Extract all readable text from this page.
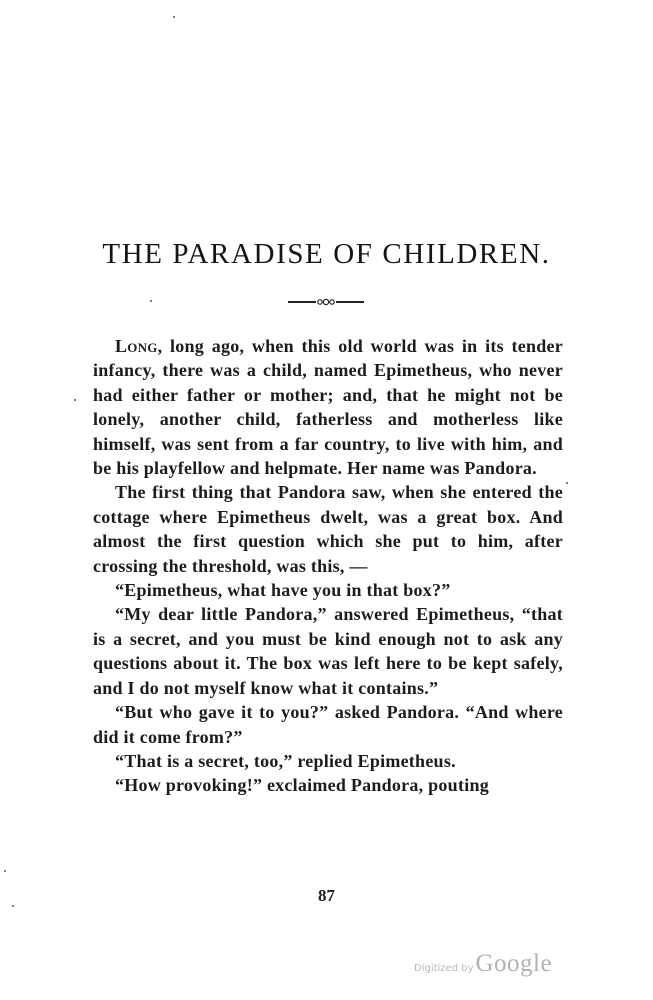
THE PARADISE OF CHILDREN.

Long, long ago, when this old world was in its tender infancy, there was a child, named Epimetheus, who never had either father or mother; and, that he might not be lonely, another child, fatherless and motherless like himself, was sent from a far country, to live with him, and be his playfellow and helpmate. Her name was Pandora.

The first thing that Pandora saw, when she entered the cottage where Epimetheus dwelt, was a great box. And almost the first question which she put to him, after crossing the threshold, was this, —

“Epimetheus, what have you in that box?”

“My dear little Pandora,” answered Epimetheus, “that is a secret, and you must be kind enough not to ask any questions about it. The box was left here to be kept safely, and I do not myself know what it contains.”

“But who gave it to you?” asked Pandora. “And where did it come from?”

“That is a secret, too,” replied Epimetheus.

“How provoking!” exclaimed Pandora, pouting

87
Digitized by Google
